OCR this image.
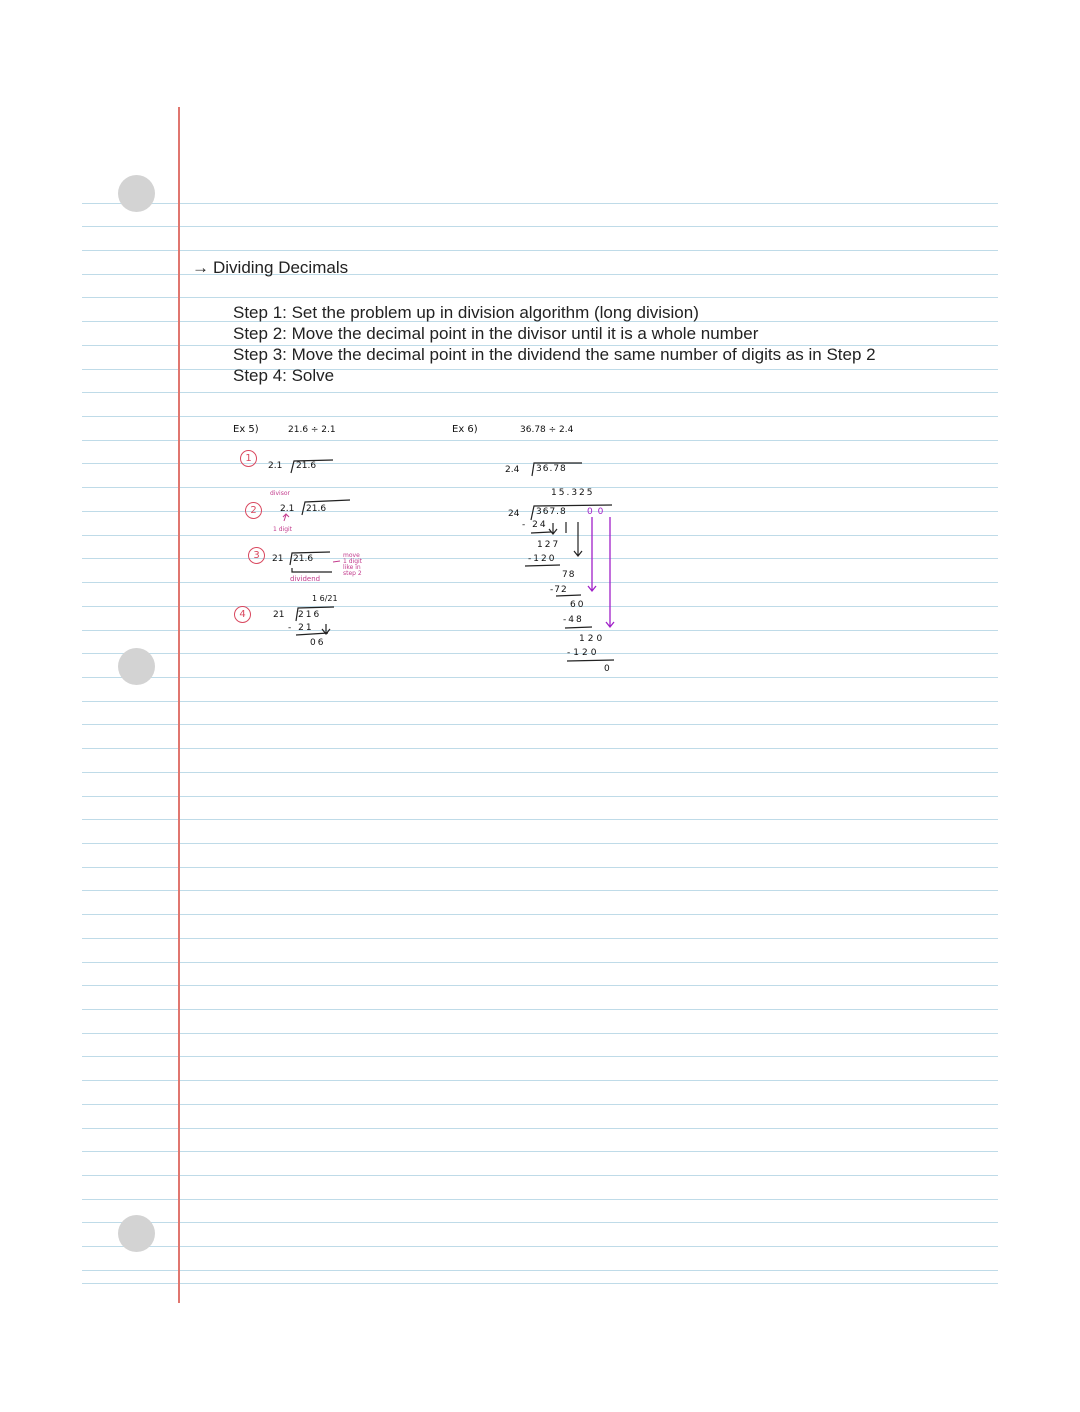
→ Dividing Decimals
Step 1: Set the problem up in division algorithm (long division)
Step 2: Move the decimal point in the divisor until it is a whole number
Step 3: Move the decimal point in the dividend the same number of digits as in Step 2
Step 4: Solve
Ex 5)	21.6 ÷ 2.1
1
2.1 21.6
divisor
2	2.1 21.6
1 digit
3	21 21.6	move 1 digit like in step 2
dividend
1 6/21
4	21 216
- 21
06
Ex 6)	36.78 ÷ 2.4
2.4 36.78
15.325
24 367.8 0 0
- 24
127
-120
78
-72
60
-48
120
-120
0
